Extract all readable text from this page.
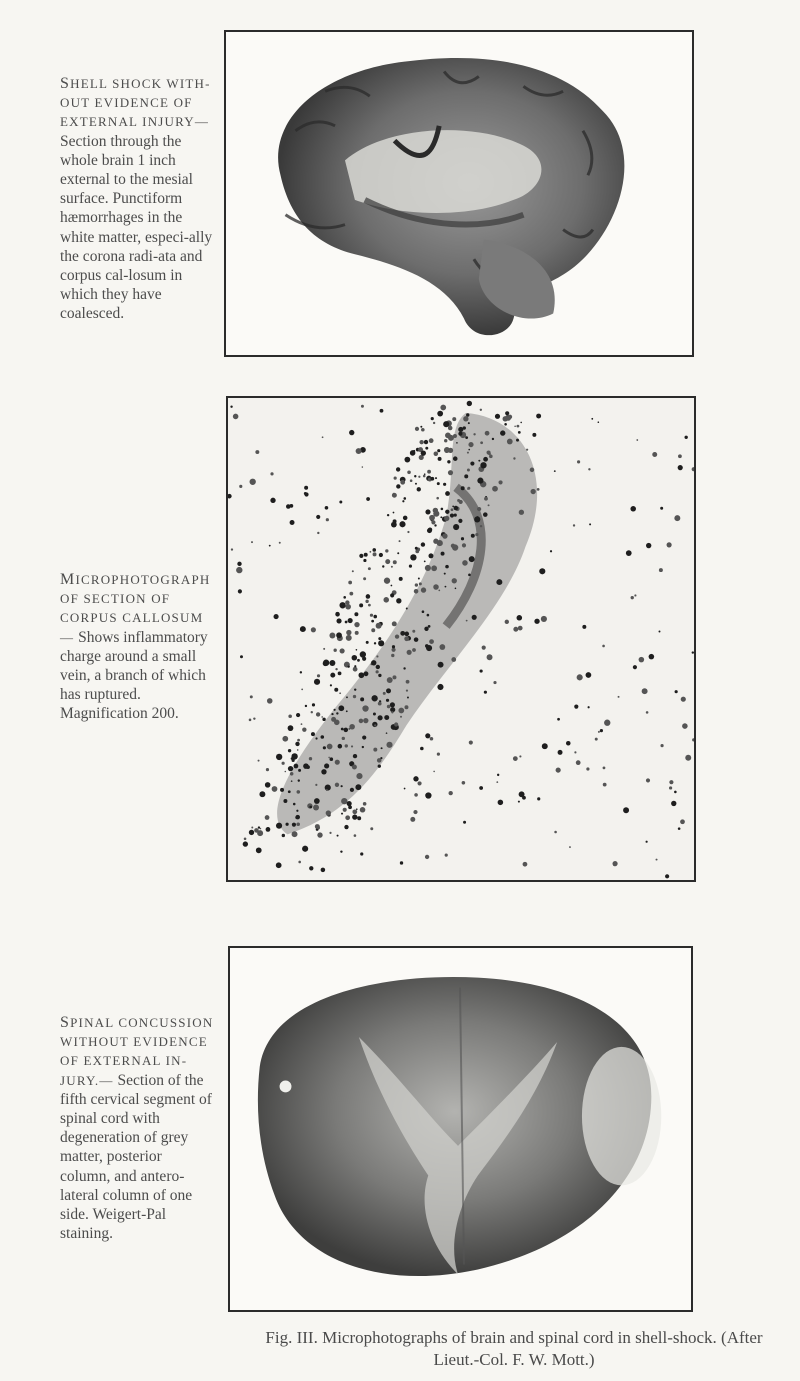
SHELL SHOCK WITH-OUT EVIDENCE OF EXTERNAL INJURY— Section through the whole brain 1 inch external to the mesial surface. Punctiform hæmorrhages in the white matter, especi-ally the corona radi-ata and corpus cal-losum in which they have coalesced.
MICROPHOTOGRAPH OF SECTION OF CORPUS CALLOSUM— Shows inflammatory charge around a small vein, a branch of which has ruptured. Magnification 200.
SPINAL CONCUSSION WITHOUT EVIDENCE OF EXTERNAL IN-JURY.— Section of the fifth cervical segment of spinal cord with degeneration of grey matter, posterior column, and antero-lateral column of one side. Weigert-Pal staining.
Fig. III. Microphotographs of brain and spinal cord in shell-shock. (After Lieut.-Col. F. W. Mott.)
